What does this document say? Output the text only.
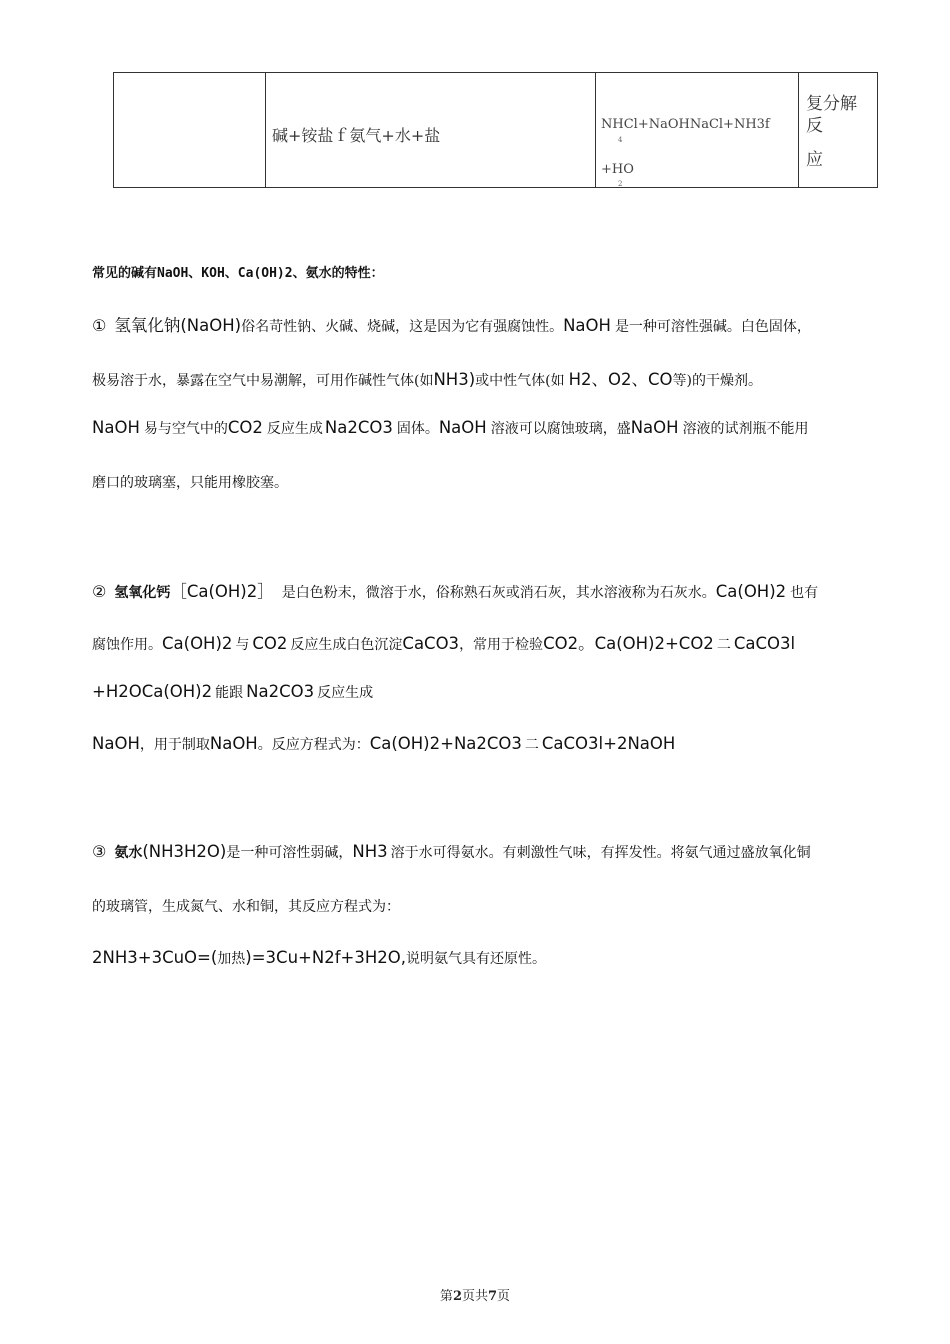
碱+铵盐ｆ氨气+水+盐
NHCl+NaOHNaCl+NH3f
4
+HO
2
复分解
反
应
常见的碱有NaOH、KOH、Ca(OH)2、氨水的特性：
① 氢氧化钠(NaOH)俗名苛性钠、火碱、烧碱，这是因为它有强腐蚀性。NaOH 是一种可溶性强碱。白色固体，
极易溶于水，暴露在空气中易潮解，可用作碱性气体(如NH3)或中性气体(如 H2、O2、CO等)的干燥剂。
NaOH 易与空气中的CO2 反应生成 Na2CO3 固体。NaOH 溶液可以腐蚀玻璃，盛NaOH 溶液的试剂瓶不能用
磨口的玻璃塞，只能用橡胶塞。
② 氢氧化钙［Ca(OH)2］ 是白色粉末，微溶于水，俗称熟石灰或消石灰，其水溶液称为石灰水。Ca(OH)2 也有
腐蚀作用。Ca(OH)2 与 CO2 反应生成白色沉淀CaCO3，常用于检验CO2。Ca(OH)2+CO2 二 CaCO3l
+H2OCa(OH)2 能跟 Na2CO3 反应生成
NaOH，用于制取NaOH。反应方程式为：Ca(OH)2+Na2CO3 二 CaCO3l+2NaOH
③ 氨水(NH3H2O)是一种可溶性弱碱，NH3 溶于水可得氨水。有刺激性气味，有挥发性。将氨气通过盛放氧化铜
的玻璃管，生成氮气、水和铜，其反应方程式为：
2NH3+3CuO=(加热)=3Cu+N2f+3H2O,说明氨气具有还原性。
第2页共7页
